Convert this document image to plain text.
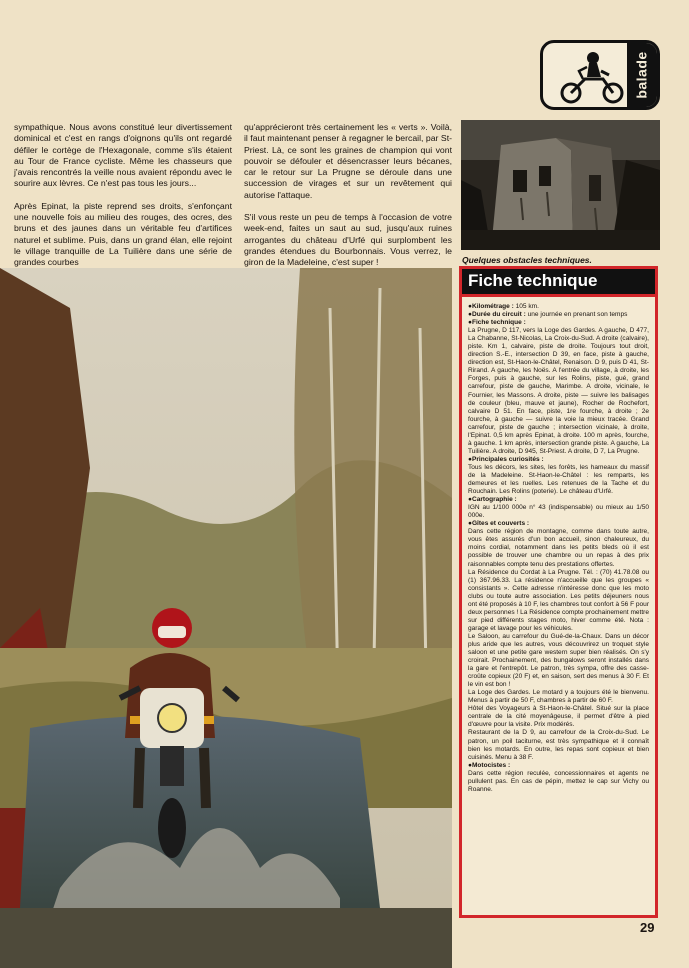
balade

sympathique. Nous avons constitué leur divertissement dominical et c'est en rangs d'oignons qu'ils ont regardé défiler le cortège de l'Hexagonale, comme s'ils étaient au Tour de France cycliste. Même les chasseurs que j'avais rencontrés la veille nous avaient répondu avec le sourire aux lèvres. Ce n'est pas tous les jours...

Après Epinat, la piste reprend ses droits, s'enfonçant une nouvelle fois au milieu des rouges, des ocres, des bruns et des jaunes dans un véritable feu d'artifices naturel et sublime. Puis, dans un grand élan, elle rejoint le village tranquille de La Tuilière dans une série de grandes courbes

qu'apprécieront très certainement les « verts ». Voilà, il faut maintenant penser à regagner le bercail, par St-Priest. Là, ce sont les graines de champion qui vont pouvoir se défouler et désencrasser leurs bécanes, car le retour sur La Prugne se déroule dans une succession de virages et sur un revêtement qui autorise l'attaque.

S'il vous reste un peu de temps à l'occasion de votre week-end, faites un saut au sud, jusqu'aux ruines arrogantes du château d'Urfé qui surplombent les grandes étendues du Bourbonnais. Vous verrez, le giron de la Madeleine, c'est super !	Quelques obstacles techniques.

Fiche technique

● Kilométrage : 105 km.
● Durée du circuit : une journée en prenant son temps
● Fiche technique :
La Prugne, D 117, vers la Loge des Gardes. A gauche, D 477, La Chabanne, St-Nicolas, La Croix-du-Sud. A droite (calvaire), piste. Km 1, calvaire, piste de droite. Toujours tout droit, direction S.-E., intersection D 39, en face, piste à gauche, direction est, St-Haon-le-Châtel, Renaison. D 9, puis D 41, St-Rirand. A gauche, les Noës. A l'entrée du village, à droite, les Forges, puis à gauche, sur les Rolins, piste, gué, grand carrefour, piste de gauche, Marimbe. A droite, vicinale, le Fournier, les Massons. A droite, piste — suivre les balisages de couleur (bleu, mauve et jaune), Rocher de Rochefort, calvaire D 51. En face, piste, 1re fourche, à droite ; 2e fourche, à gauche — suivre la voie la mieux tracée. Grand carrefour, piste de gauche ; intersection vicinale, à droite, l'Epinat. 0,5 km après Epinat, à droite. 100 m après, fourche, à gauche. 1 km après, intersection grande piste. A gauche, La Tuilière. A droite, D 945, St-Priest. A droite, D 7, La Prugne.
● Principales curiosités :
Tous les décors, les sites, les forêts, les hameaux du massif de la Madeleine. St-Haon-le-Châtel : les remparts, les demeures et les ruelles. Les retenues de la Tache et du Rouchain. Les Rolins (poterie). Le château d'Urfé.
● Cartographie :
IGN au 1/100 000e n° 43 (indispensable) ou mieux au 1/50 000e.
● Gîtes et couverts :
Dans cette région de montagne, comme dans toute autre, vous êtes assurés d'un bon accueil, sinon chaleureux, du moins cordial, notamment dans les petits bleds où il est possible de trouver une chambre ou un repas à des prix raisonnables compte tenu des prestations offertes.
La Résidence du Cordat à La Prugne. Tél. : (70) 41.78.08 ou (1) 367.96.33. La résidence n'accueille que les groupes « consistants ». Cette adresse n'intéresse donc que les moto clubs ou toute autre association. Les petits déjeuners nous ont été proposés à 10 F, les chambres tout confort à 56 F pour deux personnes ! La Résidence compte prochainement mettre sur pied différents stages moto, hiver comme été. Nota : garage et lavage pour les véhicules.
Le Saloon, au carrefour du Gué-de-la-Chaux. Dans un décor plus aride que les autres, vous découvrirez un troquet style saloon et une petite gare western super bien réalisés. On s'y croirait. Prochainement, des bungalows seront installés dans la gare et l'entrepôt. Le patron, très sympa, offre des casse-croûte copieux (20 F) et, en saison, sert des menus à 30 F. Et le vin est bon !
La Loge des Gardes. Le motard y a toujours été le bienvenu. Menus à partir de 50 F, chambres à partir de 60 F.
Hôtel des Voyageurs à St-Haon-le-Châtel. Situé sur la place centrale de la cité moyenâgeuse, il permet d'être à pied d'œuvre pour la visite. Prix modérés.
Restaurant de la D 9, au carrefour de la Croix-du-Sud. Le patron, un poil taciturne, est très sympathique et il connaît bien les motards. En outre, les repas sont copieux et bien cuisinés. Menu à 38 F.
● Motocistes :
Dans cette région reculée, concessionnaires et agents ne pullulent pas. En cas de pépin, mettez le cap sur Vichy ou Roanne.

29
